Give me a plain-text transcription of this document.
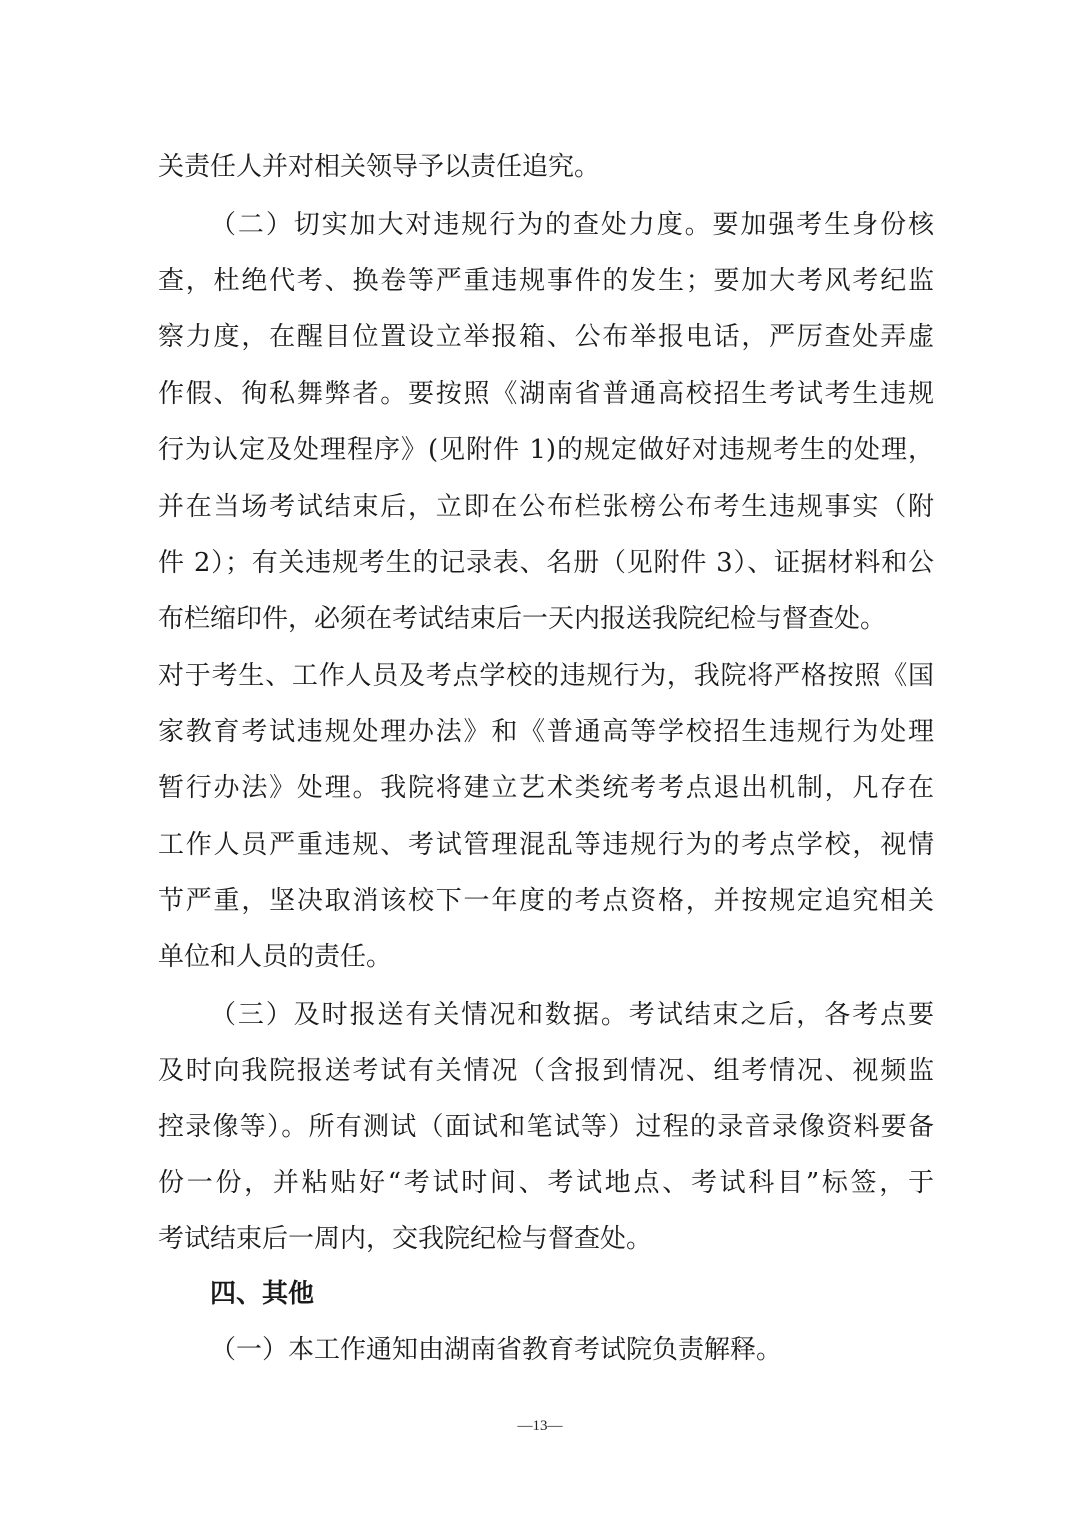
关责任人并对相关领导予以责任追究。
（二）切实加大对违规行为的查处力度。要加强考生身份核
查，杜绝代考、换卷等严重违规事件的发生；要加大考风考纪监
察力度，在醒目位置设立举报箱、公布举报电话，严厉查处弄虚
作假、徇私舞弊者。要按照《湖南省普通高校招生考试考生违规
行为认定及处理程序》(见附件 1)的规定做好对违规考生的处理，
并在当场考试结束后，立即在公布栏张榜公布考生违规事实（附
件 2）；有关违规考生的记录表、名册（见附件 3）、证据材料和公
布栏缩印件，必须在考试结束后一天内报送我院纪检与督查处。
对于考生、工作人员及考点学校的违规行为，我院将严格按照《国
家教育考试违规处理办法》和《普通高等学校招生违规行为处理
暂行办法》处理。我院将建立艺术类统考考点退出机制，凡存在
工作人员严重违规、考试管理混乱等违规行为的考点学校，视情
节严重，坚决取消该校下一年度的考点资格，并按规定追究相关
单位和人员的责任。
（三）及时报送有关情况和数据。考试结束之后，各考点要
及时向我院报送考试有关情况（含报到情况、组考情况、视频监
控录像等）。所有测试（面试和笔试等）过程的录音录像资料要备
份一份，并粘贴好“考试时间、考试地点、考试科目”标签，于
考试结束后一周内，交我院纪检与督查处。
四、其他
（一）本工作通知由湖南省教育考试院负责解释。
—13—
